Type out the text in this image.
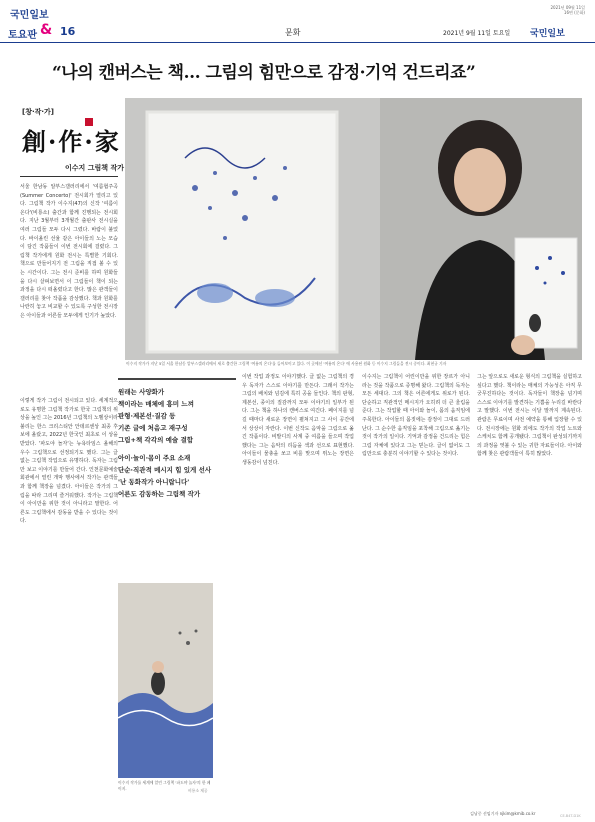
국민일보
2021년 09월 11일
16면 (문화)
토요판 & 16	문화	2021년 9월 11일 토요일 국민일보
“나의 캔버스는 책… 그림의 힘만으로 감정·기억 건드리죠”
[창·작·가]
創·作·家
이수지 그림책 작가
이수지 작가가 지난 5일 서울 한남동 알부스갤러리에서 새로 출간한 그림책 '여름의 온다'를 들어보이고 있다. 이 곳에선 '여름의 온다' 에 사용된 원화 등 이수지 그림들을 전시 중이다. 최현규 기자
서울 한남동 알부스갤러리에서 '여름협주곡(Summer Concerto)' 전시회가 열리고 있다. 그림책 작가 이수지(47)의 신작 '여름이 온다'(비룡소) 출간과 함께 진행되는 전시회다. 지난 3월부터 3개월간 출판사 전시실을 여러 그림들 모두 다시 그렸다. 바람이 불었다. 바이올린 선율 같은 아이들의 노는 모습이 담긴 작품들이 이번 전시회에 걸렸다. 그림책 작가에게 원화 전시는 특별한 기회다. 책으로 만들어지기 전 그림을 직접 볼 수 있는 시간이다. 그는 전시 준비를 하며 원화들을 다시 살펴보면서 이 그림들이 책이 되는 과정을 다시 떠올렸다고 한다. 많은 관객들이 갤러리를 찾아 작품을 감상했다. 책과 원화를 나란히 놓고 비교할 수 있도록 구성한 전시장은 아이들과 어른들 모두에게 인기가 높았다.
이렇게 작가 그림이 전시되고 있다. 세계적으로도 유명한 그림책 작가로 한국 그림책의 위상을 높인 그는 2016년 그림책의 노벨상이라 불리는 한스 크리스티안 안데르센상 최종 후보에 올랐고, 2022년 한국인 최초로 이 상을 받았다. '파도야 놀자'는 뉴욕타임스 올해의 우수 그림책으로 선정되기도 했다. 그는 글 없는 그림책 작업으로 유명하다. 독자는 그림만 보고 이야기를 만들어 간다. 인천문화예술회관에서 열린 개막 행사에서 작가는 관객들과 함께 책장을 넘겼다. 아이들은 작가의 그림을 따라 그리며 즐거워했다. 작가는 그림책이 아이만을 위한 것이 아니라고 말한다. 어른도 그림책에서 감동을 받을 수 있다는 것이다.
이번 작업 과정도 이야기했다. 글 없는 그림책의 경우 독자가 스스로 이야기를 만든다. 그래서 작가는 그림의 배치와 넘김에 특히 공을 들인다. 책의 판형, 제본선, 종이의 질감까지 모두 이야기의 일부가 된다. 그는 책을 하나의 캔버스로 여긴다. 페이지를 넘길 때마다 새로운 장면이 펼쳐지고 그 사이 공간에서 상상이 자란다. 이번 신작도 음악을 그림으로 옮긴 작품이다. 비발디의 사계 중 여름을 들으며 작업했다는 그는 음악의 리듬을 색과 선으로 표현했다. 아이들이 물총을 쏘고 비를 맞으며 뛰노는 장면은 생동감이 넘친다.
이수지는 그림책이 어린이만을 위한 장르가 아니라는 것을 작품으로 증명해 왔다. 그림책의 독자는 모든 세대다. 그의 책은 어른에게도 위로가 된다. 단순하고 직관적인 메시지가 오히려 더 큰 울림을 준다. 그는 작업할 때 아이와 놀이, 몸의 움직임에 주목한다. 아이들의 몸짓에는 감정이 그대로 드러난다. 그 순수한 움직임을 포착해 그림으로 옮기는 것이 작가의 일이다. 기억과 감정을 건드리는 힘은 그림 자체에 있다고 그는 믿는다. 글이 없어도 그림만으로 충분히 이야기할 수 있다는 것이다.
그는 앞으로도 새로운 형식의 그림책을 실험하고 싶다고 했다. 책이라는 매체의 가능성은 아직 무궁무진하다는 것이다. 독자들이 책장을 넘기며 스스로 이야기를 발견하는 기쁨을 누리길 바란다고 말했다. 이번 전시는 이달 말까지 계속된다. 관람은 무료이며 사전 예약을 통해 입장할 수 있다. 전시장에는 원화 외에도 작가의 작업 노트와 스케치도 함께 공개됐다. 그림책이 완성되기까지의 과정을 엿볼 수 있는 귀한 자료들이다. 아이와 함께 찾은 관람객들이 특히 많았다.
원래는 사양화가
책이라는 매체에 흥미 느껴
판형·제본선·질감 등
기존 글에 처음고 재구성
그림+책 각각의 예술 결합
아이·놀이·몸이 주요 소재
단순·직관적 메시지 힘 있게 선사
'난 동화작가 아니랍니다'
어른도 감동하는 그림책 작가
이수지 작가를 세계에 알린 그림책 '파도야 놀자'의 한 페이지.	비룡소 제공
김남중 선임기자 njkim@kmib.co.kr	CE-B4T-D1K
